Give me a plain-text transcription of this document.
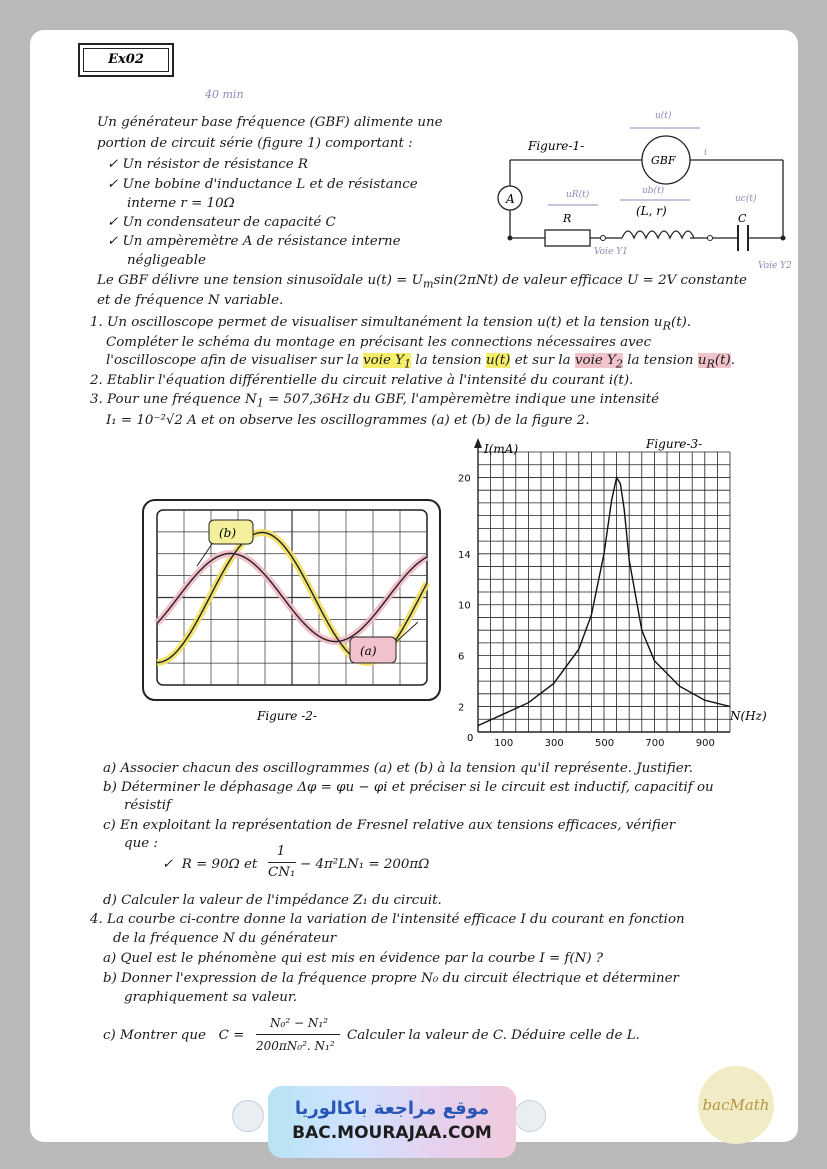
Ex02
40 min
Un générateur base fréquence (GBF) alimente une
portion de circuit série (figure 1) comportant :
✓ Un résistor de résistance R
✓ Une bobine d'inductance L et de résistance
interne r = 10Ω
✓ Un condensateur de capacité C
✓ Un ampèremètre A de résistance interne
négligeable
Le GBF délivre une tension sinusoïdale $u(t) = U_m\sin(2\pi Nt)$ de valeur efficace U = 2V constante
et de fréquence N variable.
Figure-1-
GBF
A
R
(L, r)
C
u(t)
uR(t)	ub(t)
uc(t)
i
Voie Y1
Voie Y2
1. Un oscilloscope permet de visualiser simultanément la tension u(t) et la tension $u_R(t)$.
Compléter le schéma du montage en précisant les connections nécessaires avec
l'oscilloscope afin de visualiser sur la voie $Y_1$ la tension u(t) et sur la voie $Y_2$ la tension $u_R(t)$.
2. Etablir l'équation différentielle du circuit relative à l'intensité du courant i(t).
3. Pour une fréquence $N_1 = 507,36Hz$ du GBF, l'ampèremètre indique une intensité
I₁ = 10⁻²√2 A et on observe les oscillogrammes (a) et (b) de la figure 2.
(b)
(a)
Figure -2-
100	300	500	700	900
2
6
10
14
20
I(mA)
N(Hz)
Figure-3-
0
a) Associer chacun des oscillogrammes (a) et (b) à la tension qu'il représente. Justifier.
b) Déterminer le déphasage Δφ = φu − φi et préciser si le circuit est inductif, capacitif ou
résistif
c) En exploitant la représentation de Fresnel relative aux tensions efficaces, vérifier
que :
✓  R = 90Ω et
1
CN₁
− 4π²LN₁ = 200πΩ
d) Calculer la valeur de l'impédance Z₁ du circuit.
4. La courbe ci-contre donne la variation de l'intensité efficace I du courant en fonction
de la fréquence N du générateur
a) Quel est le phénomène qui est mis en évidence par la courbe I = f(N) ?
b) Donner l'expression de la fréquence propre N₀ du circuit électrique et déterminer
graphiquement sa valeur.
c) Montrer que   C =
N₀² − N₁²
200πN₀². N₁²
Calculer la valeur de C. Déduire celle de L.
موقع مراجعة باكالوريا
BAC.MOURAJAA.COM
bacMath
